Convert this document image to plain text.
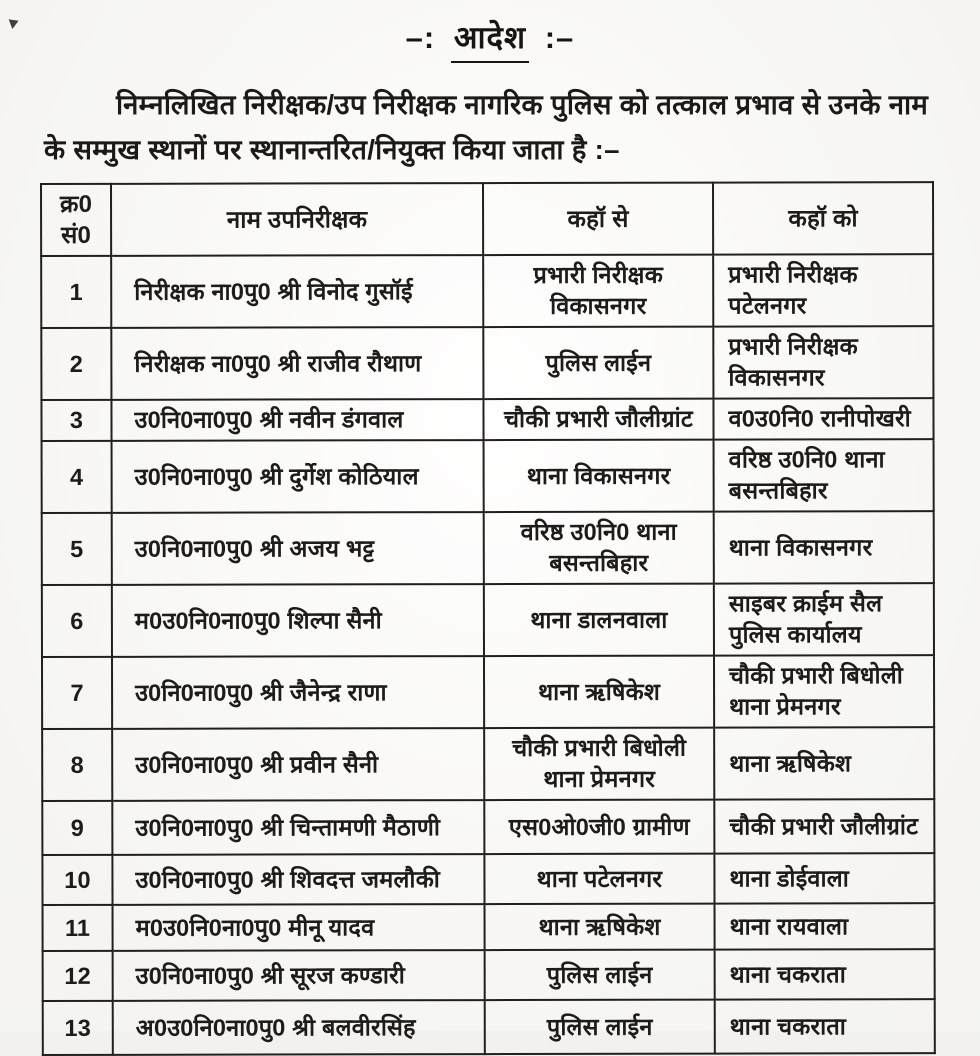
–: आदेश :–
निम्नलिखित निरीक्षक/उप निरीक्षक नागरिक पुलिस को तत्काल प्रभाव से उनके नाम के सम्मुख स्थानों पर स्थानान्तरित/नियुक्त किया जाता है :–
क्र0
सं0	नाम उपनिरीक्षक	कहॉ से	कहॉ को
1	निरीक्षक ना0पु0 श्री विनोद गुसॉई	प्रभारी निरीक्षक विकासनगर	प्रभारी निरीक्षक पटेलनगर
2	निरीक्षक ना0पु0 श्री राजीव रौथाण	पुलिस लाईन	प्रभारी निरीक्षक विकासनगर
3	उ0नि0ना0पु0 श्री नवीन डंगवाल	चौकी प्रभारी जौलीग्रांट	व0उ0नि0 रानीपोखरी
4	उ0नि0ना0पु0 श्री दुर्गेश कोठियाल	थाना विकासनगर	वरिष्ठ उ0नि0 थाना बसन्तबिहार
5	उ0नि0ना0पु0 श्री अजय भट्ट	वरिष्ठ उ0नि0 थाना बसन्तबिहार	थाना विकासनगर
6	म0उ0नि0ना0पु0 शिल्पा सैनी	थाना डालनवाला	साइबर क्राईम सैल पुलिस कार्यालय
7	उ0नि0ना0पु0 श्री जैनेन्द्र राणा	थाना ऋषिकेश	चौकी प्रभारी बिधोली थाना प्रेमनगर
8	उ0नि0ना0पु0 श्री प्रवीन सैनी	चौकी प्रभारी बिधोली थाना प्रेमनगर	थाना ऋषिकेश
9	उ0नि0ना0पु0 श्री चिन्तामणी मैठाणी	एस0ओ0जी0 ग्रामीण	चौकी प्रभारी जौलीग्रांट
10	उ0नि0ना0पु0 श्री शिवदत्त जमलौकी	थाना पटेलनगर	थाना डोईवाला
11	म0उ0नि0ना0पु0 मीनू यादव	थाना ऋषिकेश	थाना रायवाला
12	उ0नि0ना0पु0 श्री सूरज कण्डारी	पुलिस लाईन	थाना चकराता
13	अ0उ0नि0ना0पु0 श्री बलवीरसिंह	पुलिस लाईन	थाना चकराता
